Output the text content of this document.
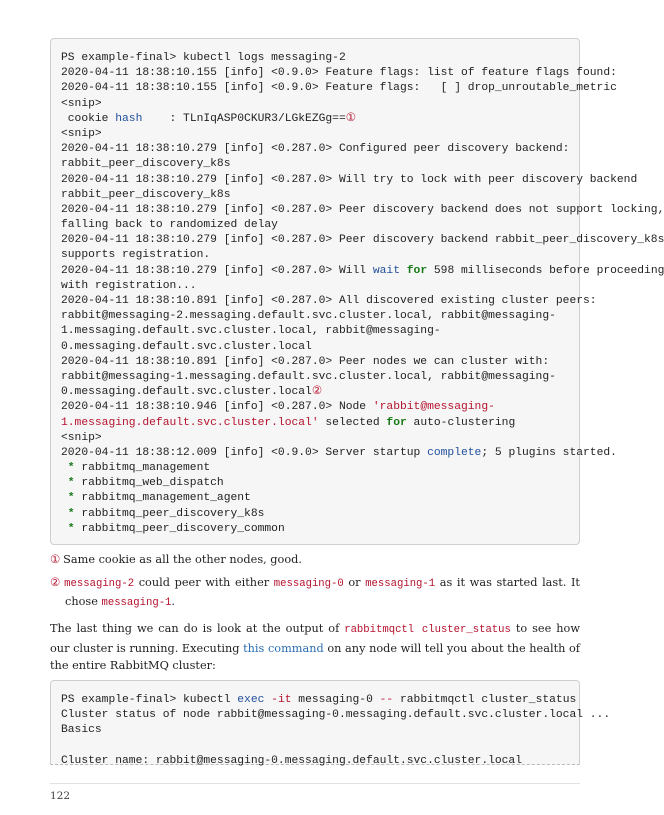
PS example-final> kubectl logs messaging-2
2020-04-11 18:38:10.155 [info] <0.9.0> Feature flags: list of feature flags found:
2020-04-11 18:38:10.155 [info] <0.9.0> Feature flags:   [ ] drop_unroutable_metric
<snip>
cookie hash    : TLnIqASP0CKUR3/LGkEZGg==①
<snip>
2020-04-11 18:38:10.279 [info] <0.287.0> Configured peer discovery backend:
rabbit_peer_discovery_k8s
2020-04-11 18:38:10.279 [info] <0.287.0> Will try to lock with peer discovery backend
rabbit_peer_discovery_k8s
2020-04-11 18:38:10.279 [info] <0.287.0> Peer discovery backend does not support locking,
falling back to randomized delay
2020-04-11 18:38:10.279 [info] <0.287.0> Peer discovery backend rabbit_peer_discovery_k8s
supports registration.
2020-04-11 18:38:10.279 [info] <0.287.0> Will wait for 598 milliseconds before proceeding
with registration...
2020-04-11 18:38:10.891 [info] <0.287.0> All discovered existing cluster peers:
rabbit@messaging-2.messaging.default.svc.cluster.local, rabbit@messaging-
1.messaging.default.svc.cluster.local, rabbit@messaging-
0.messaging.default.svc.cluster.local
2020-04-11 18:38:10.891 [info] <0.287.0> Peer nodes we can cluster with:
rabbit@messaging-1.messaging.default.svc.cluster.local, rabbit@messaging-
0.messaging.default.svc.cluster.local②
2020-04-11 18:38:10.946 [info] <0.287.0> Node 'rabbit@messaging-
1.messaging.default.svc.cluster.local' selected for auto-clustering
<snip>
2020-04-11 18:38:12.009 [info] <0.9.0> Server startup complete; 5 plugins started.
* rabbitmq_management
* rabbitmq_web_dispatch
* rabbitmq_management_agent
* rabbitmq_peer_discovery_k8s
* rabbitmq_peer_discovery_common
① Same cookie as all the other nodes, good.
② messaging-2 could peer with either messaging-0 or messaging-1 as it was started last. It chose messaging-1.
The last thing we can do is look at the output of rabbitmqctl cluster_status to see how our cluster is running. Executing this command on any node will tell you about the health of the entire RabbitMQ cluster:
PS example-final> kubectl exec -it messaging-0 -- rabbitmqctl cluster_status
Cluster status of node rabbit@messaging-0.messaging.default.svc.cluster.local ...
Basics
Cluster name: rabbit@messaging-0.messaging.default.svc.cluster.local
122
